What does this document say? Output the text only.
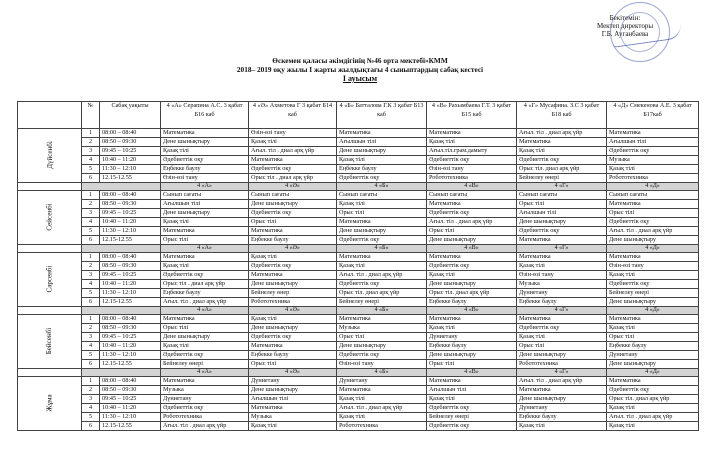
Бекітемін:
Мектеп директоры
Г.Б. Ауганбаева
Өскемен қаласы әкімдігінің №46 орта мектебі»КММ
2018– 2019 оқу жылы І жарты жылдықтағы 4 сыныптардың сабақ кестесі
І ауысым
	№	Сабақ уақыты	4 «А» Серапина А.С. 3 қабат Б16 каб	4 «Ә» Ахметова Г 3 қабат Б14 каб	4 «Б» Батталова Г.К 3 қабат Б13 каб	4 «В» Рахымбаева Г.Т. 3 қабат Б15 каб	4 «Г» Мусафина. З.С 3 қабат Б18 каб	4 «Д» Смекенова А.Е. 3 қабат Б17каб
Дүйсенбі	1	08:00 – 08:40	Математика	Өзін-өзі тану	Математика	Математика	Ағыл. тіл . диал арқ үйр	Математика
	2	08:50 – 09:30	Дене шынықтыру	Қазақ тілі	Ағылшын тілі	Қазақ тілі	Математика	Ағылшын тілі
	3	09:45 – 10:25	Қазақ тілі	Ағыл. тіл . диал арқ үйр	Дене шынықтыру	Ағыл.тіл.грам.дамыту	Қазақ тілі	Әдебиеттік оқу
	4	10:40 – 11:20	Әдебиеттік оқу	Математика	Қазақ тілі	Әдебиеттік оқу	Әдебиеттік оқу	Музыка
	5	11:30 – 12:10	Еңбекке баулу	Әдебиеттік оқу	Еңбекке баулу	Өзін-өзі тану	Орыс тіл. диал арқ үйр	Қазақ тілі
	6	12.15-12.55	Өзін-өзі тану	Орыс тіл . диал арқ үйр	Әдебиеттік оқу	Робототехника	Бейнелеу өнері	Робототехника
			4 «А»	4 «Ә»	4 «Б»	4 «В»	4 «Г»	4 «Д»
Сейсенбі	1	08:00 – 08:40	Сынып сағаты	Сынып сағаты	Сынып сағаты	Сынып сағаты	Сынып сағаты	Сынып сағаты
	2	08:50 – 09:30	Ағылшын тілі	Дене шынықтыру	Қазақ тілі	Математика	Орыс тілі	Математика
	3	09:45 – 10:25	Дене шынықтыру	Әдебиеттік оқу	Орыс тілі	Әдебиеттік оқу	Ағылшын тілі	Орыс тілі
	4	10:40 – 11:20	Қазақ тілі	Орыс тілі	Математика	Ағыл. тіл . диал арқ үйр	Дене шынықтыру	Әдебиеттік оқу
	5	11:30 – 12:10	Математика	Математика	Дене шынықтыру	Орыс тілі	Әдебиеттік оқу	Ағыл. тіл . диал арқ үйр
	6	12.15-12.55	Орыс тілі	Еңбекке баулу	Әдебиеттік оқу	Дене шынықтыру	Математика	Дене шынықтыру
			4 «А»	4 «Ә»	4 «Б»	4 «В»	4 «Г»	4 «Д»
Сәрсенбі	1	08:00 – 08:40	Математика	Қазақ тілі	Математика	Математика	Математика	Математика
	2	08:50 – 09:30	Қазақ тілі	Әдебиеттік оқу	Қазақ тілі	Әдебиеттік оқу	Қазақ тілі	Өзін-өзі тану
	3	09:45 – 10:25	Әдебиеттік оқу	Математика	Ағыл. тіл . диал арқ үйр	Қазақ тілі	Өзін-өзі тану	Қазақ тілі
	4	10:40 – 11:20	Орыс тіл . диал арқ үйр	Дене шынықтыру	Әдебиеттік оқу	Дене шынықтыру	Музыка	Әдебиеттік оқу
	5	11:30 – 12:10	Еңбекке баулу	Бейнелеу өнер	Орыс тіл. диал арқ үйр	Орыс тіл. диал арқ үйр	Дүниетану	Бейнелеу өнері
	6	12.15-12.55	Ағыл. тіл . диал арқ үйр	Робототехника	Бейнелеу өнері	Еңбекке баулу	Еңбекке баулу	Дене шынықтыру
			4 «А»	4 «Ә»	4 «Б»	4 «В»	4 «Г»	4 «Д»
Бейсенбі	1	08:00 – 08:40	Математика	Қазақ тілі	Математика	Математика	Математика	Математика
	2	08:50 – 09:30	Орыс тілі	Дене шынықтыру	Музыка	Қазақ тілі	Әдебиеттік оқу	Қазақ тілі
	3	09:45 – 10:25	Дене шынықтыру	Әдебиеттік оқу	Орыс тілі	Дүниетану	Қазақ тілі	Орыс тілі
	4	10:40 – 11:20	Қазақ тілі	Математика	Дене шынықтыру	Еңбекке баулу	Орыс тілі	Еңбекке баулу
	5	11:30 – 12:10	Әдебиеттік оқу	Еңбекке баулу	Әдебиеттік оқу	Дене шынықтыру	Дене шынықтыру	Дүниетану
	6	12.15-12.55	Бейнелеу өнері	Орыс тілі	Өзін-өзі тану	Орыс тілі	Робототехника	Дене шынықтыру
			4 «А»	4 «Ә»	4 «Б»	4 «В»	4 «Г»	4 «Д»
Жұма	1	08:00 – 08:40	Математика	Дүниетану	Дүниетану	Математика	Ағыл. тіл . диал арқ үйр	Математика
	2	08:50 – 09:30	Музыка	Дене шынықтыру	Математика	Ағылшын тілі	Математика	Әдебиеттік оқу
	3	09:45 – 10:25	Дүниетану	Ағылшын тілі	Қазақ тілі	Қазақ тілі	Дене шынықтыру	Орыс тіл. диал арқ үйр
	4	10:40 – 11:20	Әдебиеттік оқу	Математика	Ағыл. тіл . диал арқ үйр	Әдебиеттік оқу	Дүниетану	Қазақ тілі
	5	11:30 – 12:10	Робототехника	Музыка	Қазақ тілі	Бейнелеу өнері	Еңбекке баулу	Ағыл. тіл . диал арқ үйр
	6	12.15-12.55	Ағыл. тіл . диал арқ үйр	Қазақ тілі	Робототехника	Әдебиеттік оқу	Қазақ тілі	Қазақ тілі
